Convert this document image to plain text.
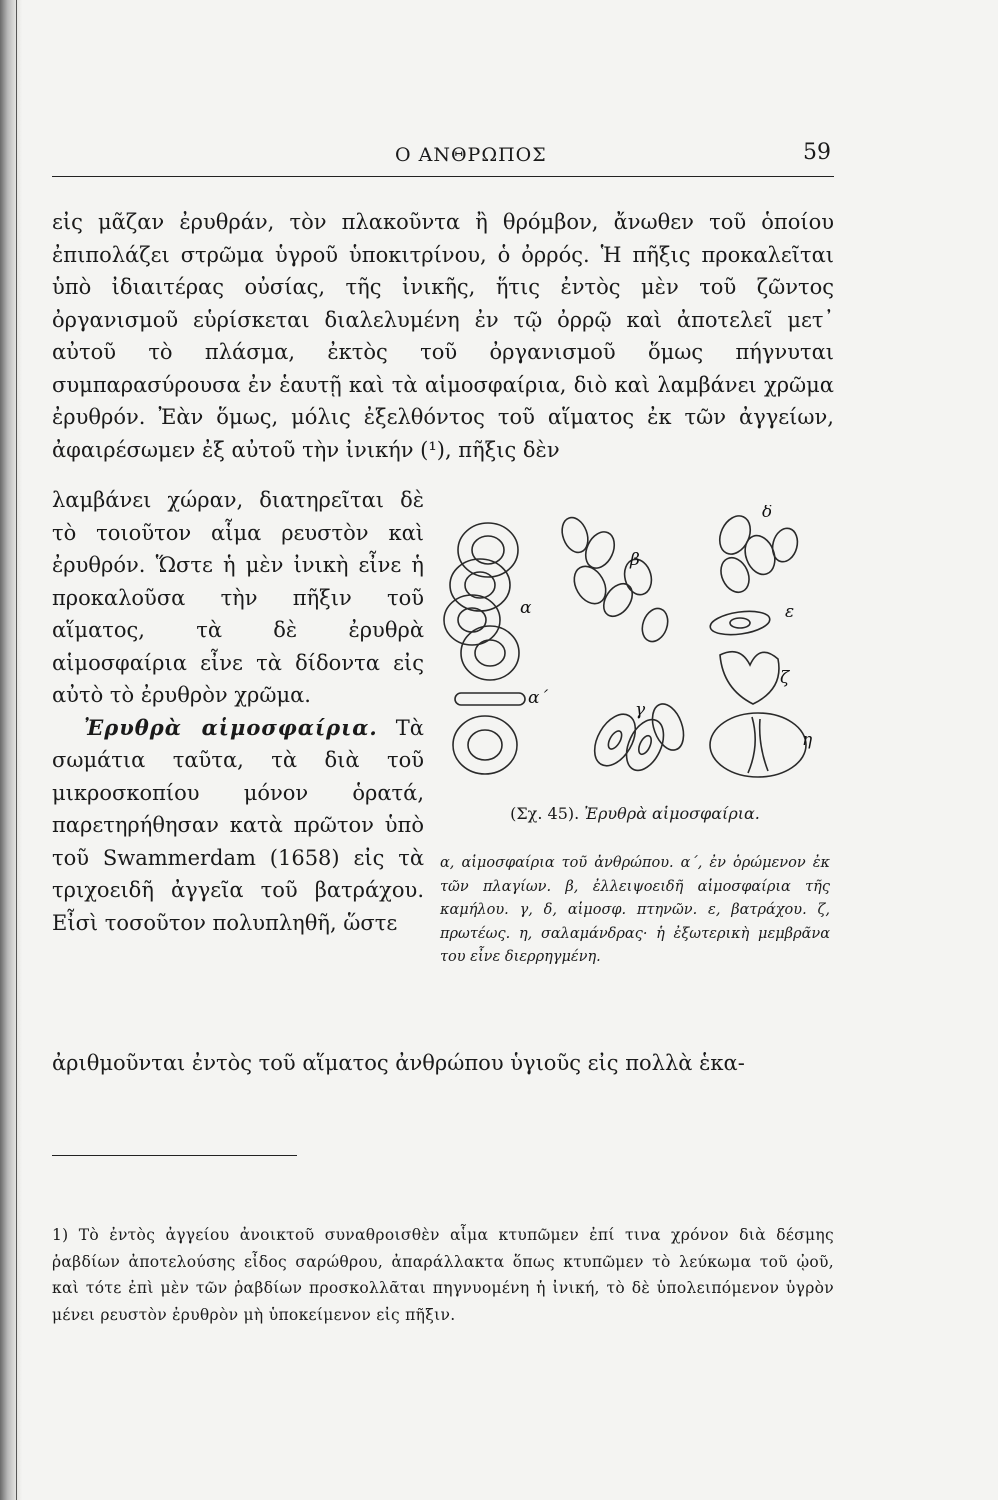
Ο ΑΝΘΡΩΠΟΣ	59

εἰς μᾶζαν ἐρυθράν, τὸν πλακοῦντα ἢ θρόμβον, ἄνωθεν τοῦ ὁποίου ἐπιπολάζει στρῶμα ὑγροῦ ὑποκιτρίνου, ὁ ὀρρός. Ἡ πῆξις προκαλεῖται ὑπὸ ἰδιαιτέρας οὐσίας, τῆς ἰνικῆς, ἥτις ἐντὸς μὲν τοῦ ζῶντος ὀργανισμοῦ εὑρίσκεται διαλελυμένη ἐν τῷ ὀρρῷ καὶ ἀποτελεῖ μετ᾽ αὐτοῦ τὸ πλάσμα, ἐκτὸς τοῦ ὀργανισμοῦ ὅμως πήγνυται συμπαρασύρουσα ἐν ἑαυτῇ καὶ τὰ αἱμοσφαίρια, διὸ καὶ λαμβάνει χρῶμα ἐρυθρόν. Ἐὰν ὅμως, μόλις ἐξελθόντος τοῦ αἵματος ἐκ τῶν ἀγγείων, ἀφαιρέσωμεν ἐξ αὐτοῦ τὴν ἰνικήν (¹), πῆξις δὲν

λαμβάνει χώραν, διατηρεῖται δὲ τὸ τοιοῦτον αἷμα ρευστὸν καὶ ἐρυθρόν. Ὥστε ἡ μὲν ἰνικὴ εἶνε ἡ προκαλοῦσα τὴν πῆξιν τοῦ αἵματος, τὰ δὲ ἐρυθρὰ αἱμοσφαίρια εἶνε τὰ δίδοντα εἰς αὐτὸ τὸ ἐρυθρὸν χρῶμα.

Ἐρυθρὰ αἱμοσφαίρια. Τὰ σωμάτια ταῦτα, τὰ διὰ τοῦ μικροσκοπίου μόνον ὁρατά, παρετηρήθησαν κατὰ πρῶτον ὑπὸ τοῦ Swammerdam (1658) εἰς τὰ τριχοειδῆ ἀγγεῖα τοῦ βατράχου. Εἶσὶ τοσοῦτον πολυπληθῆ, ὥστε

α
β
γ
δ
ε
ζ
η
α´
(Σχ. 45). Ἐρυθρὰ αἱμοσφαίρια.
α, αἱμοσφαίρια τοῦ ἀνθρώπου. α´, ἐν ὁρώμενον ἐκ τῶν πλαγίων. β, ἐλλειψοειδῆ αἱμοσφαίρια τῆς καμήλου. γ, δ, αἱμοσφ. πτηνῶν. ε, βατράχου. ζ, πρωτέως. η, σαλαμάνδρας· ἡ ἐξωτερικὴ μεμβρᾶνα του εἶνε διερρηγμένη.

ἀριθμοῦνται ἐντὸς τοῦ αἵματος ἀνθρώπου ὑγιοῦς εἰς πολλὰ ἑκα-

1) Τὸ ἐντὸς ἀγγείου ἀνοικτοῦ συναθροισθὲν αἷμα κτυπῶμεν ἐπί τινα χρόνον διὰ δέσμης ῥαβδίων ἀποτελούσης εἶδος σαρώθρου, ἀπαράλλακτα ὅπως κτυπῶμεν τὸ λεύκωμα τοῦ ᾠοῦ, καὶ τότε ἐπὶ μὲν τῶν ῥαβδίων προσκολλᾶται πηγνυομένη ἡ ἰνική, τὸ δὲ ὑπολειπόμενον ὑγρὸν μένει ρευστὸν ἐρυθρὸν μὴ ὑποκείμενον εἰς πῆξιν.
